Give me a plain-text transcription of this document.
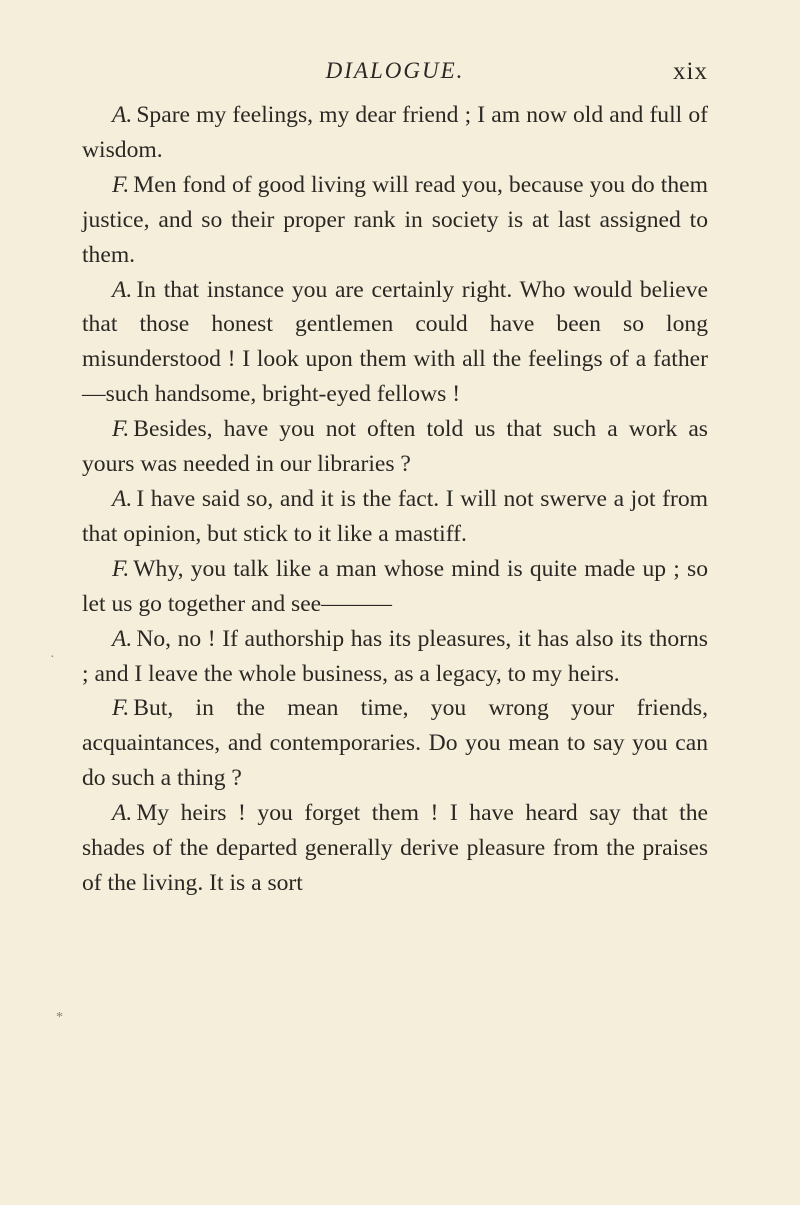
DIALOGUE.	xix

A. Spare my feelings, my dear friend ; I am now old and full of wisdom.

F. Men fond of good living will read you, because you do them justice, and so their proper rank in society is at last assigned to them.

A. In that instance you are certainly right. Who would believe that those honest gentlemen could have been so long misunderstood ! I look upon them with all the feelings of a father—such handsome, bright-eyed fellows !

F. Besides, have you not often told us that such a work as yours was needed in our libraries ?

A. I have said so, and it is the fact. I will not swerve a jot from that opinion, but stick to it like a mastiff.

F. Why, you talk like a man whose mind is quite made up ; so let us go together and see———

A. No, no ! If authorship has its pleasures, it has also its thorns ; and I leave the whole business, as a legacy, to my heirs.

F. But, in the mean time, you wrong your friends, acquaintances, and contemporaries. Do you mean to say you can do such a thing ?

A. My heirs ! you forget them ! I have heard say that the shades of the departed generally derive pleasure from the praises of the living. It is a sort

·
*
